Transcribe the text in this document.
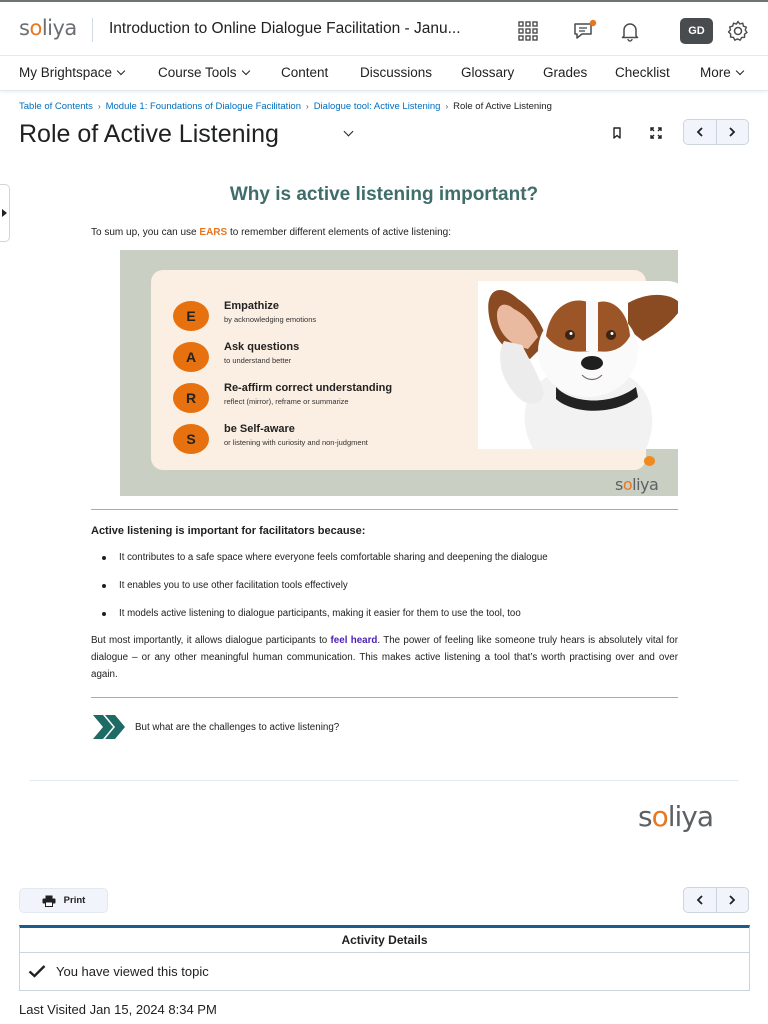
soliya Introduction to Online Dialogue Facilitation - Janu...	GD
My Brightspace	Course Tools	Content Discussions Glossary Grades Checklist More
Table of Contents › Module 1: Foundations of Dialogue Facilitation › Dialogue tool: Active Listening › Role of Active Listening
Role of Active Listening
Why is active listening important?
To sum up, you can use EARS to remember different elements of active listening:
E
Empathize
by acknowledging emotions
A
Ask questions
to understand better
R
Re-affirm correct understanding
reflect (mirror), reframe or summarize
S
be Self-aware
or listening with curiosity and non-judgment
soliya
Active listening is important for facilitators because:
It contributes to a safe space where everyone feels comfortable sharing and deepening the dialogue
It enables you to use other facilitation tools effectively
It models active listening to dialogue participants, making it easier for them to use the tool, too
But most importantly, it allows dialogue participants to feel heard. The power of feeling like someone truly hears is absolutely vital for dialogue – or any other meaningful human communication. This makes active listening a tool that’s worth practising over and over again.
But what are the challenges to active listening?
soliya
Print
Activity Details
You have viewed this topic
Last Visited Jan 15, 2024 8:34 PM
